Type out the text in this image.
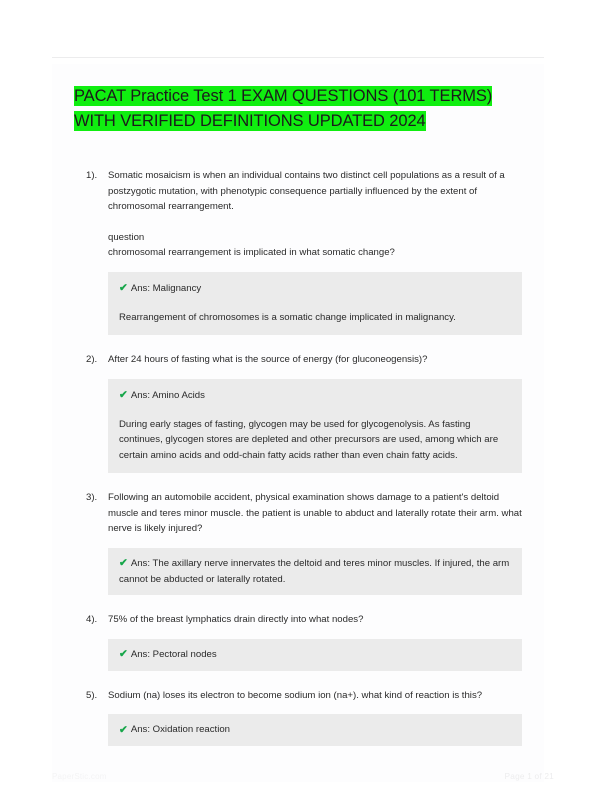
PACAT Practice Test 1 EXAM QUESTIONS (101 TERMS) WITH VERIFIED DEFINITIONS UPDATED 2024
1).	Somatic mosaicism is when an individual contains two distinct cell populations as a result of a postzygotic mutation, with phenotypic consequence partially influenced by the extent of chromosomal rearrangement.

question

chromosomal rearrangement is implicated in what somatic change?

✔ Ans: Malignancy

Rearrangement of chromosomes is a somatic change implicated in malignancy.

2).	After 24 hours of fasting what is the source of energy (for gluconeogensis)?

✔ Ans: Amino Acids

During early stages of fasting, glycogen may be used for glycogenolysis. As fasting continues, glycogen stores are depleted and other precursors are used, among which are certain amino acids and odd-chain fatty acids rather than even chain fatty acids.

3).	Following an automobile accident, physical examination shows damage to a patient's deltoid muscle and teres minor muscle. the patient is unable to abduct and laterally rotate their arm. what nerve is likely injured?

✔ Ans: The axillary nerve innervates the deltoid and teres minor muscles. If injured, the arm cannot be abducted or laterally rotated.

4).	75% of the breast lymphatics drain directly into what nodes?

✔ Ans: Pectoral nodes

5).	Sodium (na) loses its electron to become sodium ion (na+). what kind of reaction is this?

✔ Ans: Oxidation reaction

PaperStic.com	Page 1 of 21
